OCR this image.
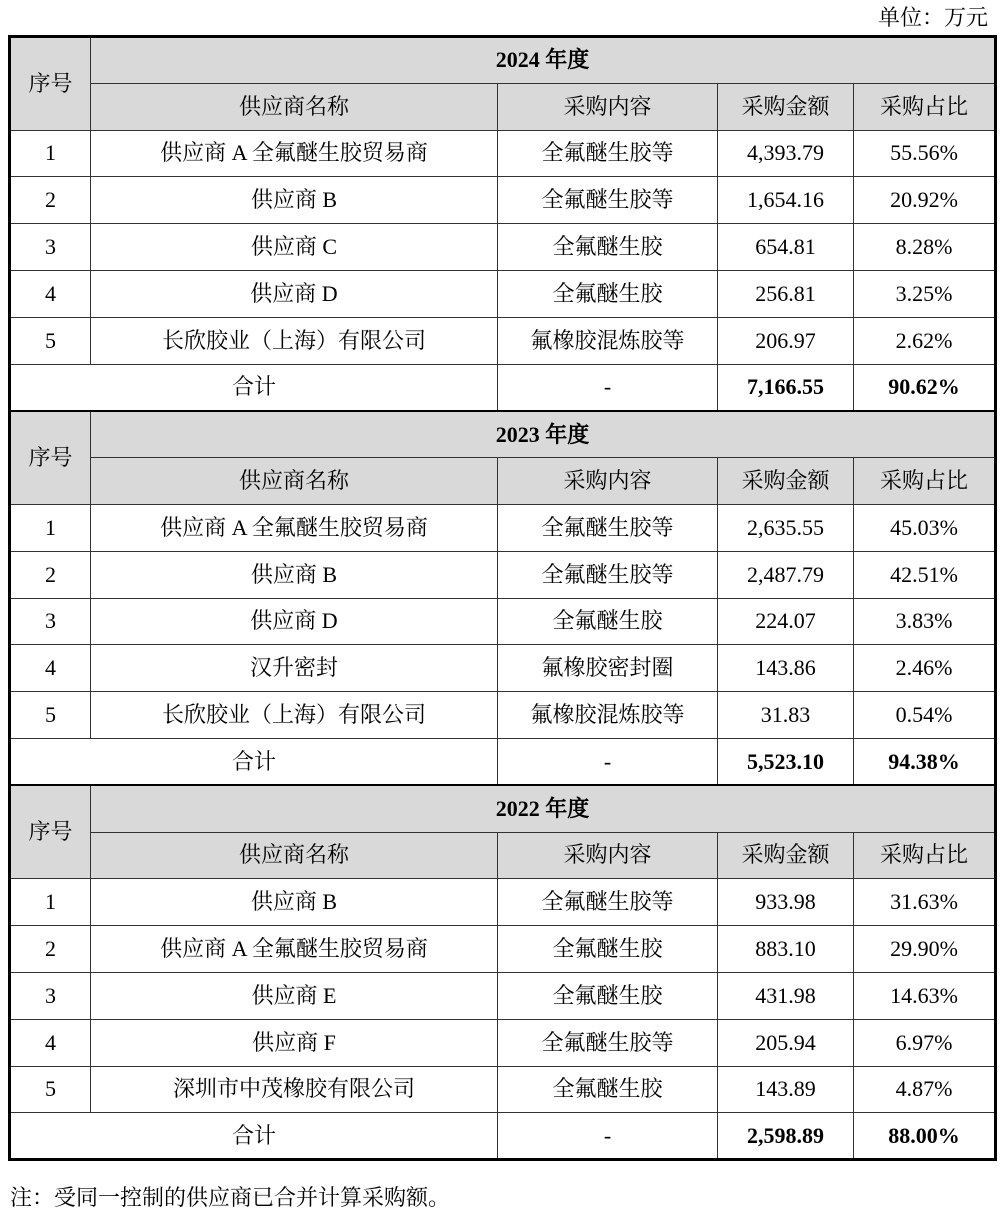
单位：万元
序号	2024 年度			
	供应商名称	采购内容	采购金额	采购占比
1	供应商 A 全氟醚生胶贸易商	全氟醚生胶等	4,393.79	55.56%
2	供应商 B	全氟醚生胶等	1,654.16	20.92%
3	供应商 C	全氟醚生胶	654.81	8.28%
4	供应商 D	全氟醚生胶	256.81	3.25%
5	长欣胶业（上海）有限公司	氟橡胶混炼胶等	206.97	2.62%
合计		-	7,166.55	90.62%
序号	2023 年度			
	供应商名称	采购内容	采购金额	采购占比
1	供应商 A 全氟醚生胶贸易商	全氟醚生胶等	2,635.55	45.03%
2	供应商 B	全氟醚生胶等	2,487.79	42.51%
3	供应商 D	全氟醚生胶	224.07	3.83%
4	汉升密封	氟橡胶密封圈	143.86	2.46%
5	长欣胶业（上海）有限公司	氟橡胶混炼胶等	31.83	0.54%
合计		-	5,523.10	94.38%
序号	2022 年度			
	供应商名称	采购内容	采购金额	采购占比
1	供应商 B	全氟醚生胶等	933.98	31.63%
2	供应商 A 全氟醚生胶贸易商	全氟醚生胶	883.10	29.90%
3	供应商 E	全氟醚生胶	431.98	14.63%
4	供应商 F	全氟醚生胶等	205.94	6.97%
5	深圳市中茂橡胶有限公司	全氟醚生胶	143.89	4.87%
合计		-	2,598.89	88.00%
注：受同一控制的供应商已合并计算采购额。
